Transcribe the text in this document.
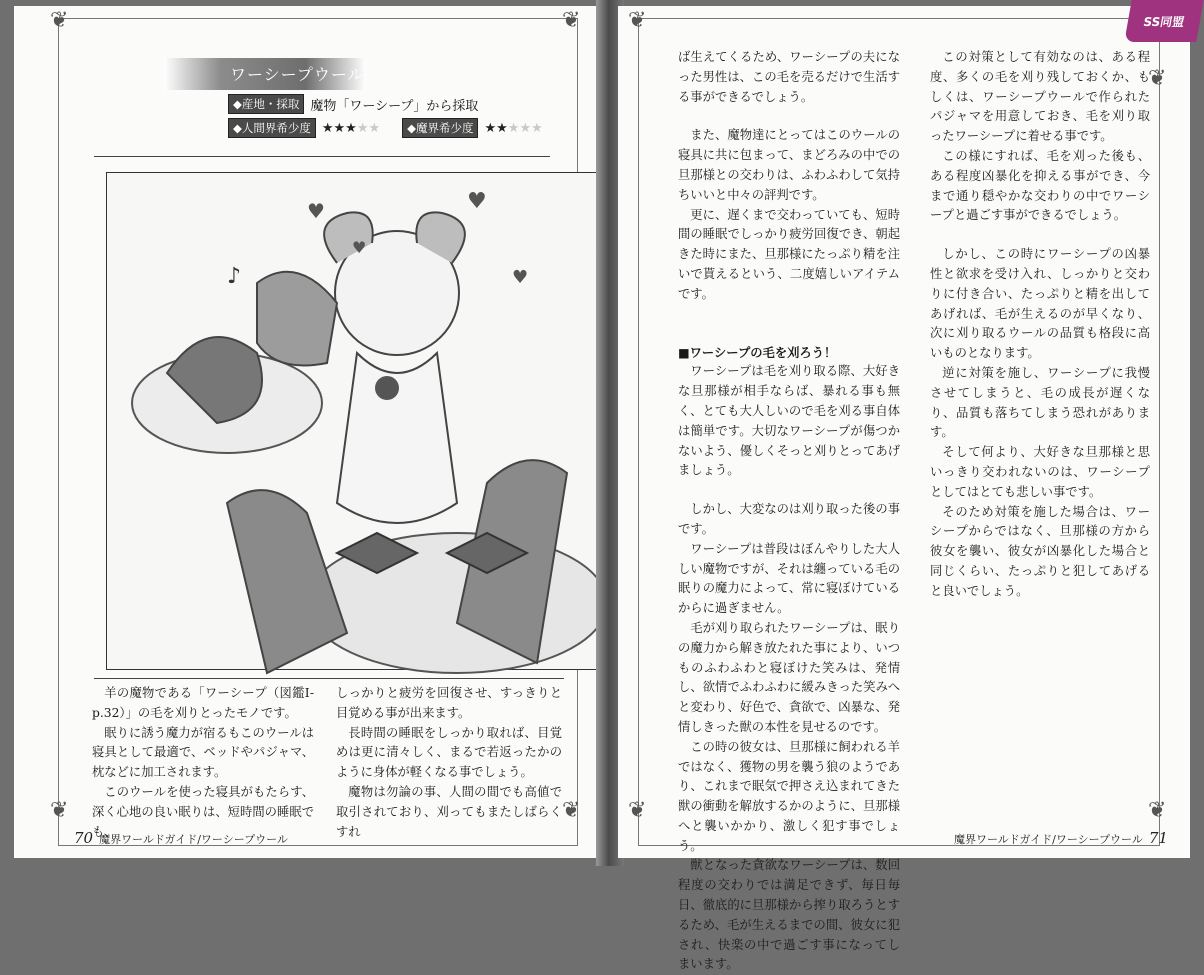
❦	❦
❦	❦
ワーシープウール
◆産地・採取 魔物「ワーシープ」から採取
◆人間界希少度 ★★★★★	◆魔界希少度 ★★★★★
♪
♥	♥
♥
♥

羊の魔物である「ワーシープ（図鑑Ⅰ-p.32）」の毛を刈りとったモノです。

眠りに誘う魔力が宿るもこのウールは寝具として最適で、ベッドやパジャマ、枕などに加工されます。

このウールを使った寝具がもたらす、深く心地の良い眠りは、短時間の睡眠でも、

しっかりと疲労を回復させ、すっきりと目覚める事が出来ます。

長時間の睡眠をしっかり取れば、目覚めは更に清々しく、まるで若返ったかのように身体が軽くなる事でしょう。

魔物は勿論の事、人間の間でも高値で取引されており、刈ってもまたしばらくすれ

70 魔界ワールドガイド/ワーシープウール
❦
❦
❦	❦

ば生えてくるため、ワーシープの夫になった男性は、この毛を売るだけで生活する事ができるでしょう。

また、魔物達にとってはこのウールの寝具に共に包まって、まどろみの中での旦那様との交わりは、ふわふわして気持ちいいと中々の評判です。

更に、遅くまで交わっていても、短時間の睡眠でしっかり疲労回復でき、朝起きた時にまた、旦那様にたっぷり精を注いで貰えるという、二度嬉しいアイテムです。

■ワーシープの毛を刈ろう！

ワーシープは毛を刈り取る際、大好きな旦那様が相手ならば、暴れる事も無く、とても大人しいので毛を刈る事自体は簡単です。大切なワーシープが傷つかないよう、優しくそっと刈りとってあげましょう。

しかし、大変なのは刈り取った後の事です。

ワーシープは普段はぼんやりした大人しい魔物ですが、それは纏っている毛の眠りの魔力によって、常に寝ぼけているからに過ぎません。

毛が刈り取られたワーシープは、眠りの魔力から解き放たれた事により、いつものふわふわと寝ぼけた笑みは、発情し、欲情でふわふわに緩みきった笑みへと変わり、好色で、貪欲で、凶暴な、発情しきった獣の本性を見せるのです。

この時の彼女は、旦那様に飼われる羊ではなく、獲物の男を襲う狼のようであり、これまで眠気で押さえ込まれてきた獣の衝動を解放するかのように、旦那様へと襲いかかり、激しく犯す事でしょう。

獣となった貪欲なワーシープは、数回程度の交わりでは満足できず、毎日毎日、徹底的に旦那様から搾り取ろうとするため、毛が生えるまでの間、彼女に犯され、快楽の中で過ごす事になってしまいます。

この対策として有効なのは、ある程度、多くの毛を刈り残しておくか、もしくは、ワーシープウールで作られたパジャマを用意しておき、毛を刈り取ったワーシープに着せる事です。

この様にすれば、毛を刈った後も、ある程度凶暴化を抑える事ができ、今まで通り穏やかな交わりの中でワーシープと過ごす事ができるでしょう。

しかし、この時にワーシープの凶暴性と欲求を受け入れ、しっかりと交わりに付き合い、たっぷりと精を出してあげれば、毛が生えるのが早くなり、次に刈り取るウールの品質も格段に高いものとなります。

逆に対策を施し、ワーシープに我慢させてしまうと、毛の成長が遅くなり、品質も落ちてしまう恐れがあります。

そして何より、大好きな旦那様と思いっきり交われないのは、ワーシープとしてはとても悲しい事です。

そのため対策を施した場合は、ワーシープからではなく、旦那様の方から彼女を襲い、彼女が凶暴化した場合と同じくらい、たっぷりと犯してあげると良いでしょう。

魔界ワールドガイド/ワーシープウール 71
SS同盟
